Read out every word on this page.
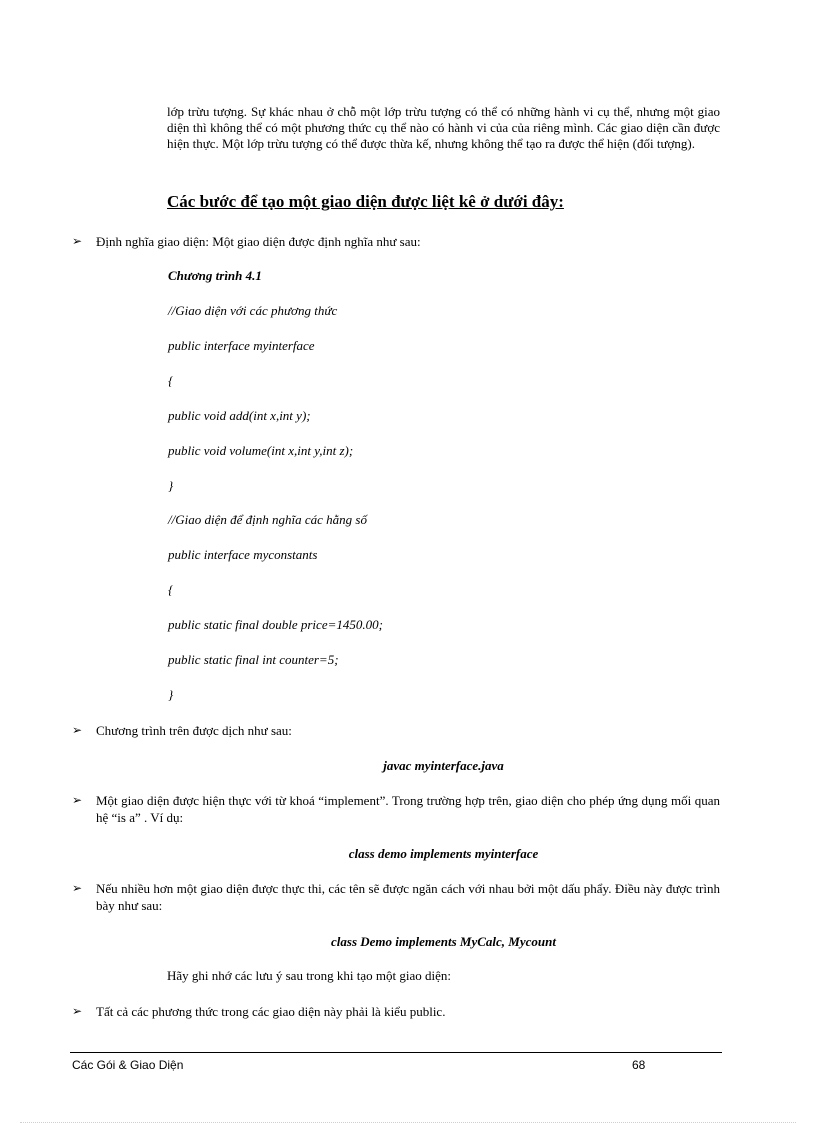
lớp trừu tượng. Sự khác nhau ở chỗ một lớp trừu tượng có thể có những hành vi cụ thể, nhưng một giao diện thì không thể có một phương thức cụ thể nào có hành vi của của riêng mình. Các giao diện cần được hiện thực. Một lớp trừu tượng có thể được thừa kế, nhưng không thể tạo ra được thể hiện (đối tượng).
Các bước để tạo một giao diện được liệt kê ở dưới đây:
➢ Định nghĩa giao diện: Một giao diện được định nghĩa như sau:
Chương trình 4.1
//Giao diện với các phương thức
public interface myinterface
{
public void add(int x,int y);
public void volume(int x,int y,int z);
}
//Giao diện để định nghĩa các hằng số
public interface myconstants
{
public static final double price=1450.00;
public static final int counter=5;
}
➢ Chương trình trên được dịch như sau:
javac myinterface.java
➢ Một giao diện được hiện thực với từ khoá “implement”. Trong trường hợp trên, giao diện cho phép ứng dụng mối quan hệ “is a” . Ví dụ:
class demo implements myinterface
➢ Nếu nhiều hơn một giao diện được thực thi, các tên sẽ được ngăn cách với nhau bởi một dấu phẩy. Điều này được trình bày như sau:
class Demo implements MyCalc, Mycount
Hãy ghi nhớ các lưu ý sau trong khi tạo một giao diện:
➢ Tất cả các phương thức trong các giao diện này phải là kiểu public.
Các Gói & Giao Diện	68
